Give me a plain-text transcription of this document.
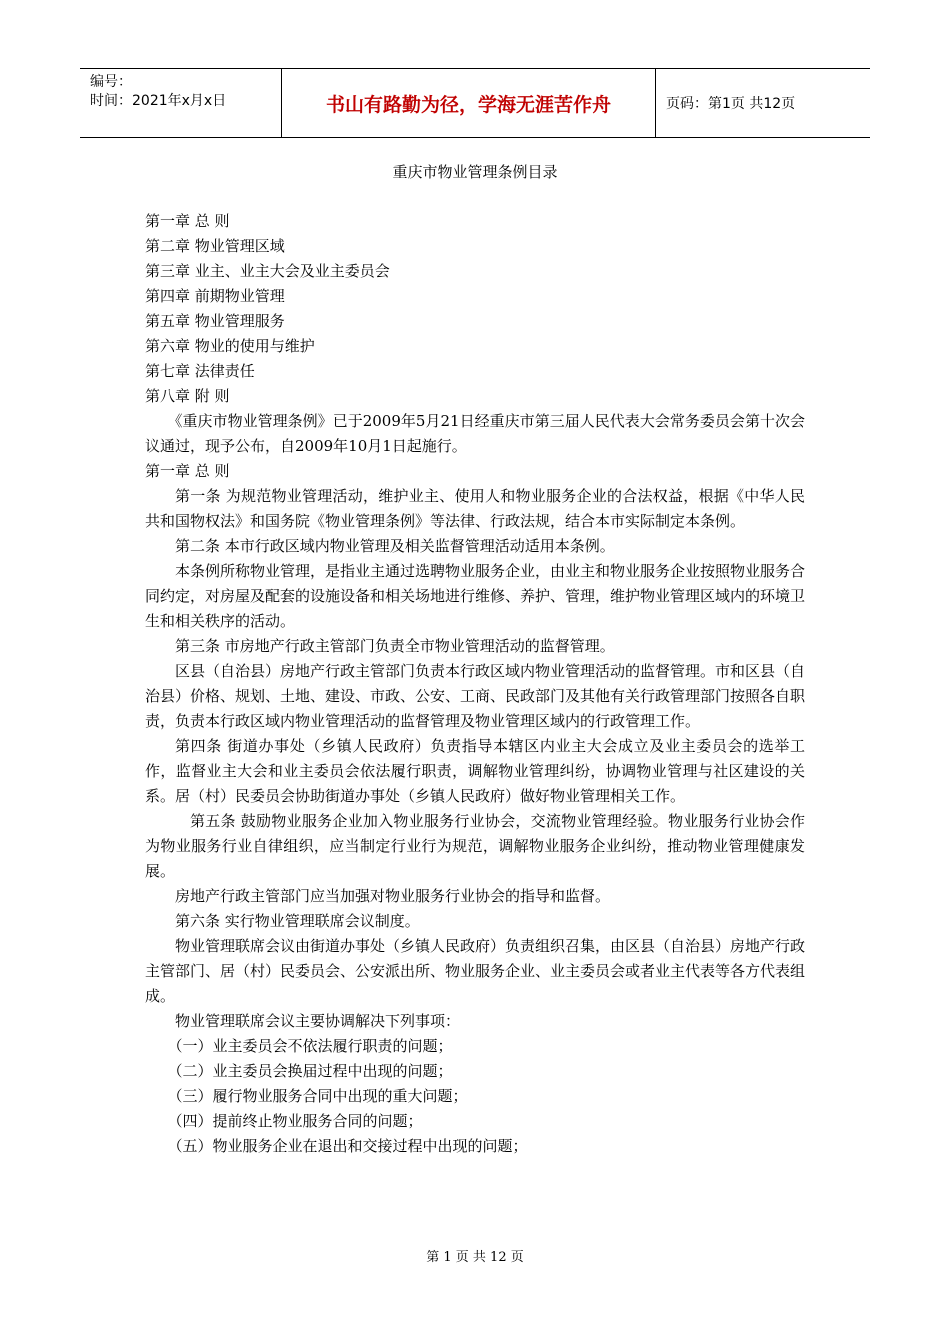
编号：
时间：2021年x月x日	书山有路勤为径，学海无涯苦作舟	页码：第1页 共12页
重庆市物业管理条例目录

第一章 总 则

第二章 物业管理区域

第三章 业主、业主大会及业主委员会

第四章 前期物业管理

第五章 物业管理服务

第六章 物业的使用与维护

第七章 法律责任

第八章 附 则

《重庆市物业管理条例》已于2009年5月21日经重庆市第三届人民代表大会常务委员会第十次会议通过，现予公布，自2009年10月1日起施行。

第一章 总 则

第一条 为规范物业管理活动，维护业主、使用人和物业服务企业的合法权益，根据《中华人民共和国物权法》和国务院《物业管理条例》等法律、行政法规，结合本市实际制定本条例。

第二条 本市行政区域内物业管理及相关监督管理活动适用本条例。

本条例所称物业管理，是指业主通过选聘物业服务企业，由业主和物业服务企业按照物业服务合同约定，对房屋及配套的设施设备和相关场地进行维修、养护、管理，维护物业管理区域内的环境卫生和相关秩序的活动。

第三条 市房地产行政主管部门负责全市物业管理活动的监督管理。

区县（自治县）房地产行政主管部门负责本行政区域内物业管理活动的监督管理。市和区县（自治县）价格、规划、土地、建设、市政、公安、工商、民政部门及其他有关行政管理部门按照各自职责，负责本行政区域内物业管理活动的监督管理及物业管理区域内的行政管理工作。

第四条 街道办事处（乡镇人民政府）负责指导本辖区内业主大会成立及业主委员会的选举工作，监督业主大会和业主委员会依法履行职责，调解物业管理纠纷，协调物业管理与社区建设的关系。居（村）民委员会协助街道办事处（乡镇人民政府）做好物业管理相关工作。

第五条 鼓励物业服务企业加入物业服务行业协会，交流物业管理经验。物业服务行业协会作为物业服务行业自律组织，应当制定行业行为规范，调解物业服务企业纠纷，推动物业管理健康发展。

房地产行政主管部门应当加强对物业服务行业协会的指导和监督。

第六条 实行物业管理联席会议制度。

物业管理联席会议由街道办事处（乡镇人民政府）负责组织召集，由区县（自治县）房地产行政主管部门、居（村）民委员会、公安派出所、物业服务企业、业主委员会或者业主代表等各方代表组成。

物业管理联席会议主要协调解决下列事项：

（一）业主委员会不依法履行职责的问题；

（二）业主委员会换届过程中出现的问题；

（三）履行物业服务合同中出现的重大问题；

（四）提前终止物业服务合同的问题；

（五）物业服务企业在退出和交接过程中出现的问题；

第 1 页 共 12 页
